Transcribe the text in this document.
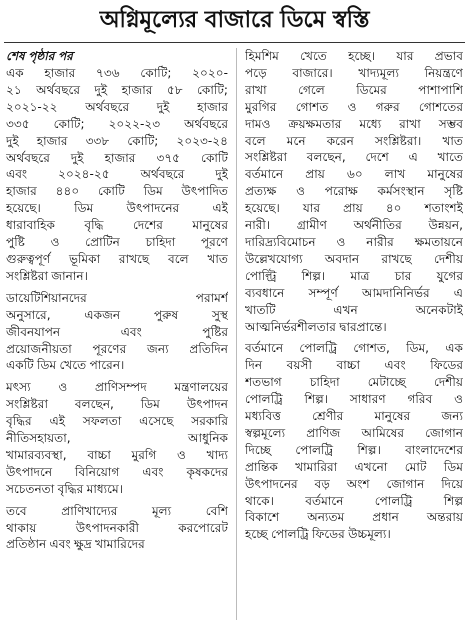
অগ্নিমূল্যের বাজারে ডিমে স্বস্তি
শেষ পৃষ্ঠার পর

এক হাজার ৭৩৬ কোটি; ২০২০-
২১ অর্থবছরে দুই হাজার ৫৮ কোটি;
২০২১-২২ অর্থবছরে দুই হাজার
৩৩৫ কোটি; ২০২২-২৩ অর্থবছরে
দুই হাজার ৩৩৮ কোটি; ২০২৩-২৪
অর্থবছরে দুই হাজার ৩৭৫ কোটি
এবং ২০২৪-২৫ অর্থবছরে দুই
হাজার ৪৪০ কোটি ডিম উৎপাদিত
হয়েছে। ডিম উৎপাদনের এই
ধারাবাহিক বৃদ্ধি দেশের মানুষের
পুষ্টি ও প্রোটিন চাহিদা পূরণে
গুরুত্বপূর্ণ ভূমিকা রাখছে বলে খাত
সংশ্লিষ্টরা জানান।

ডায়েটিশিয়ানদের পরামর্শ
অনুসারে, একজন পুরুষ সুস্থ
জীবনযাপন এবং পুষ্টির
প্রয়োজনীয়তা পূরণের জন্য প্রতিদিন
একটি ডিম খেতে পারেন।

মৎস্য ও প্রাণিসম্পদ মন্ত্রণালয়ের
সংশ্লিষ্টরা বলছেন, ডিম উৎপাদন
বৃদ্ধির এই সফলতা এসেছে সরকারি
নীতিসহায়তা, আধুনিক
খামারব্যবস্থা, বাচ্চা মুরগি ও খাদ্য
উৎপাদনে বিনিয়োগ এবং কৃষকদের
সচেতনতা বৃদ্ধির মাধ্যমে।

তবে প্রাণিখাদ্যের মূল্য বেশি
থাকায় উৎপাদনকারী করপোরেট
প্রতিষ্ঠান এবং ক্ষুদ্র খামারিদের

হিমশিম খেতে হচ্ছে। যার প্রভাব
পড়ে বাজারে। খাদ্যমূল্য নিয়ন্ত্রণে
রাখা গেলে ডিমের পাশাপাশি
মুরগির গোশত ও গরুর গোশতের
দামও ক্রয়ক্ষমতার মধ্যে রাখা সম্ভব
বলে মনে করেন সংশ্লিষ্টরা। খাত
সংশ্লিষ্টরা বলছেন, দেশে এ খাতে
বর্তমানে প্রায় ৬০ লাখ মানুষের
প্রত্যক্ষ ও পরোক্ষ কর্মসংস্থান সৃষ্টি
হয়েছে। যার প্রায় ৪০ শতাংশই
নারী। গ্রামীণ অর্থনীতির উন্নয়ন,
দারিদ্র্যবিমোচন ও নারীর ক্ষমতায়নে
উল্লেখযোগ্য অবদান রাখছে দেশীয়
পোল্ট্রি শিল্প। মাত্র চার যুগের
ব্যবধানে সম্পূর্ণ আমদানিনির্ভর এ
খাতটি এখন অনেকটাই
আত্মনির্ভরশীলতার দ্বারপ্রান্তে।

বর্তমানে পোলট্রি গোশত, ডিম, এক
দিন বয়সী বাচ্চা এবং ফিডের
শতভাগ চাহিদা মেটাচ্ছে দেশীয়
পোলট্রি শিল্প। সাধারণ গরিব ও
মধ্যবিত্ত শ্রেণীর মানুষের জন্য
স্বল্পমূল্যে প্রাণিজ আমিষের জোগান
দিচ্ছে পোলট্রি শিল্প। বাংলাদেশের
প্রান্তিক খামারিরা এখনো মোট ডিম
উৎপাদনের বড় অংশ জোগান দিয়ে
থাকে। বর্তমানে পোলট্রি শিল্প
বিকাশে অন্যতম প্রধান অন্তরায়
হচ্ছে পোলট্রি ফিডের উচ্চমূল্য।
